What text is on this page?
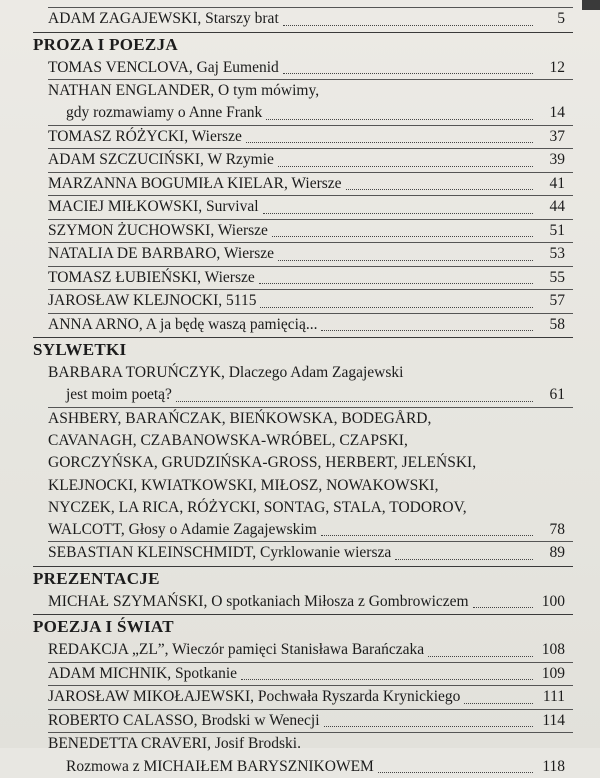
ADAM ZAGAJEWSKI, Starszy brat	5
PROZA I POEZJA
TOMAS VENCLOVA, Gaj Eumenid	12
NATHAN ENGLANDER, O tym mówimy,
gdy rozmawiamy o Anne Frank	14
TOMASZ RÓŻYCKI, Wiersze	37
ADAM SZCZUCIŃSKI, W Rzymie	39
MARZANNA BOGUMIŁA KIELAR, Wiersze	41
MACIEJ MIŁKOWSKI, Survival	44
SZYMON ŻUCHOWSKI, Wiersze	51
NATALIA DE BARBARO, Wiersze	53
TOMASZ ŁUBIEŃSKI, Wiersze	55
JAROSŁAW KLEJNOCKI, 5115	57
ANNA ARNO, A ja będę waszą pamięcią...	58
SYLWETKI
BARBARA TORUŃCZYK, Dlaczego Adam Zagajewski
jest moim poetą?	61
ASHBERY, BARAŃCZAK, BIEŃKOWSKA, BODEGÅRD,
CAVANAGH, CZABANOWSKA-WRÓBEL, CZAPSKI,
GORCZYŃSKA, GRUDZIŃSKA-GROSS, HERBERT, JELEŃSKI,
KLEJNOCKI, KWIATKOWSKI, MIŁOSZ, NOWAKOWSKI,
NYCZEK, LA RICA, RÓŻYCKI, SONTAG, STALA, TODOROV,
WALCOTT, Głosy o Adamie Zagajewskim	78
SEBASTIAN KLEINSCHMIDT, Cyrklowanie wiersza	89
PREZENTACJE
MICHAŁ SZYMAŃSKI, O spotkaniach Miłosza z Gombrowiczem	100
POEZJA I ŚWIAT
REDAKCJA „ZL”, Wieczór pamięci Stanisława Barańczaka	108
ADAM MICHNIK, Spotkanie	109
JAROSŁAW MIKOŁAJEWSKI, Pochwała Ryszarda Krynickiego	111
ROBERTO CALASSO, Brodski w Wenecji	114
BENEDETTA CRAVERI, Josif Brodski.
Rozmowa z MICHAIŁEM BARYSZNIKOWEM	118
